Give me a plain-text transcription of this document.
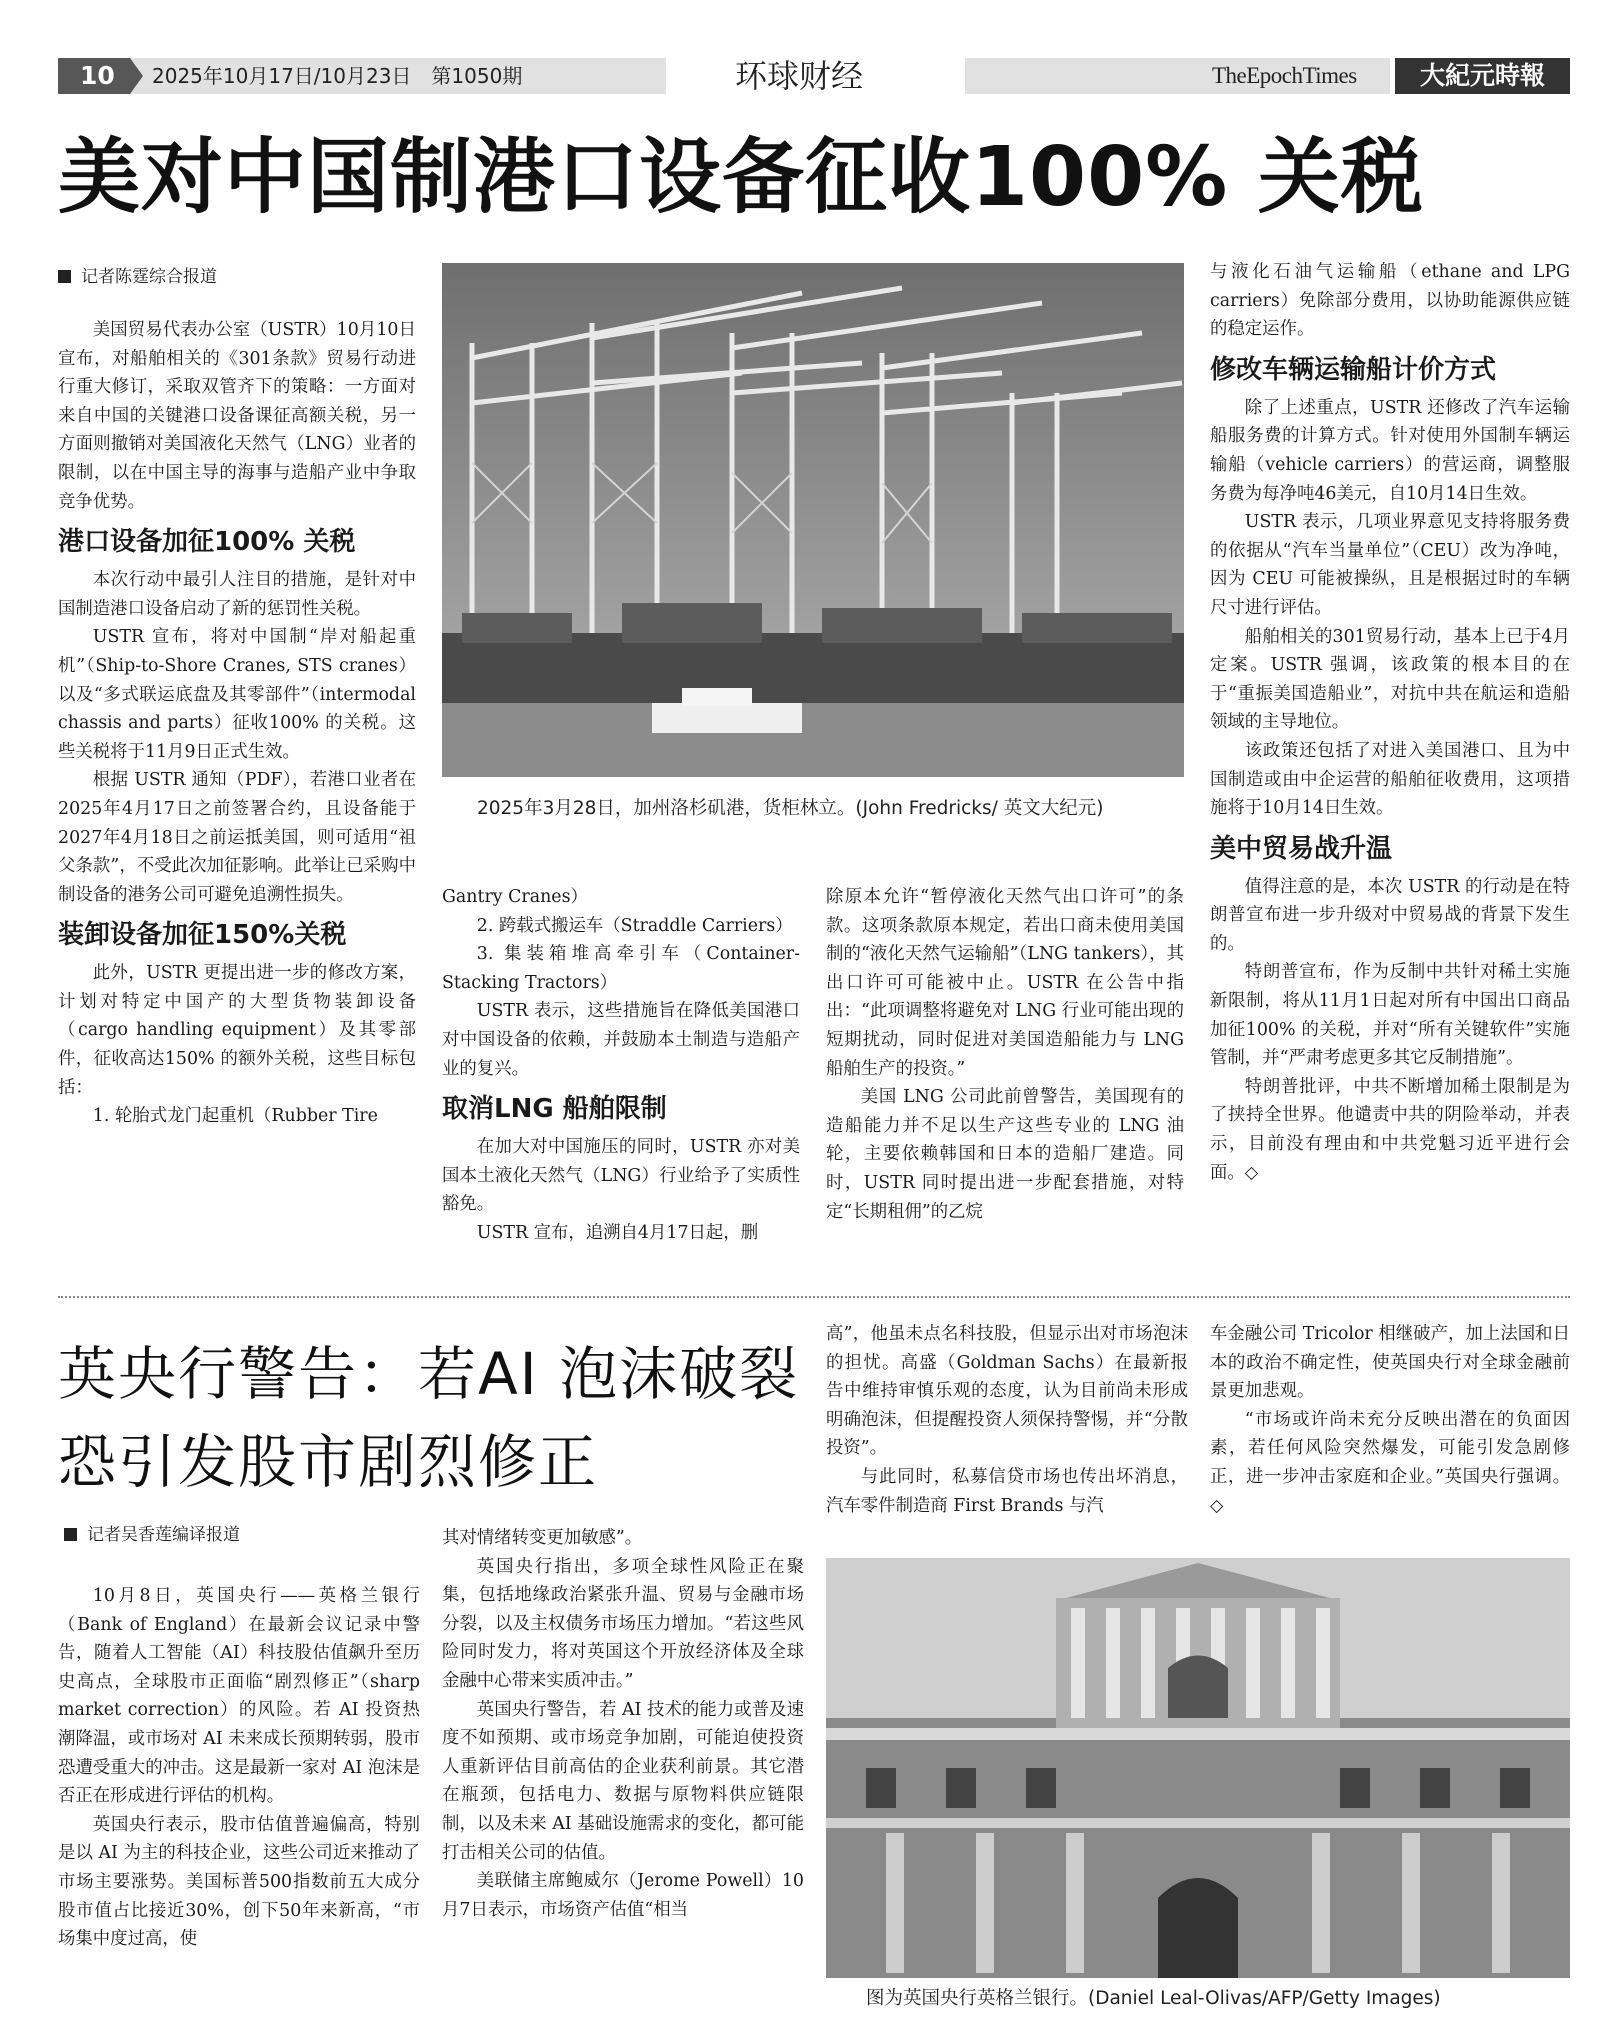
10	2025年10月17日/10月23日　第1050期	环球财经	TheEpochTimes	大紀元時報
美对中国制港口设备征收100% 关税
记者陈霆综合报道

美国贸易代表办公室（USTR）10月10日宣布，对船舶相关的《301条款》贸易行动进行重大修订，采取双管齐下的策略：一方面对来自中国的关键港口设备课征高额关税，另一方面则撤销对美国液化天然气（LNG）业者的限制，以在中国主导的海事与造船产业中争取竞争优势。

港口设备加征100% 关税

本次行动中最引人注目的措施，是针对中国制造港口设备启动了新的惩罚性关税。

USTR 宣布，将对中国制“岸对船起重机”（Ship-to-Shore Cranes, STS cranes）以及“多式联运底盘及其零部件”（intermodal chassis and parts）征收100% 的关税。这些关税将于11月9日正式生效。

根据 USTR 通知（PDF），若港口业者在2025年4月17日之前签署合约，且设备能于2027年4月18日之前运抵美国，则可适用“祖父条款”，不受此次加征影响。此举让已采购中制设备的港务公司可避免追溯性损失。

装卸设备加征150%关税

此外，USTR 更提出进一步的修改方案，计划对特定中国产的大型货物装卸设备（cargo handling equipment）及其零部件，征收高达150% 的额外关税，这些目标包括：

1. 轮胎式龙门起重机（Rubber Tire

2025年3月28日，加州洛杉矶港，货柜林立。(John Fredricks/ 英文大纪元)

Gantry Cranes）

2. 跨载式搬运车（Straddle Carriers）

3. 集装箱堆高牵引车（Container-Stacking Tractors）

USTR 表示，这些措施旨在降低美国港口对中国设备的依赖，并鼓励本土制造与造船产业的复兴。

取消LNG 船舶限制

在加大对中国施压的同时，USTR 亦对美国本土液化天然气（LNG）行业给予了实质性豁免。

USTR 宣布，追溯自4月17日起，删

除原本允许“暂停液化天然气出口许可”的条款。这项条款原本规定，若出口商未使用美国制的“液化天然气运输船”（LNG tankers），其出口许可可能被中止。USTR 在公告中指出：“此项调整将避免对 LNG 行业可能出现的短期扰动，同时促进对美国造船能力与 LNG 船舶生产的投资。”

美国 LNG 公司此前曾警告，美国现有的造船能力并不足以生产这些专业的 LNG 油轮，主要依赖韩国和日本的造船厂建造。同时，USTR 同时提出进一步配套措施，对特定“长期租佣”的乙烷

与液化石油气运输船（ethane and LPG carriers）免除部分费用，以协助能源供应链的稳定运作。

修改车辆运输船计价方式

除了上述重点，USTR 还修改了汽车运输船服务费的计算方式。针对使用外国制车辆运输船（vehicle carriers）的营运商，调整服务费为每净吨46美元，自10月14日生效。

USTR 表示，几项业界意见支持将服务费的依据从“汽车当量单位”（CEU）改为净吨，因为 CEU 可能被操纵，且是根据过时的车辆尺寸进行评估。

船舶相关的301贸易行动，基本上已于4月定案。USTR 强调，该政策的根本目的在于“重振美国造船业”，对抗中共在航运和造船领域的主导地位。

该政策还包括了对进入美国港口、且为中国制造或由中企运营的船舶征收费用，这项措施将于10月14日生效。

美中贸易战升温

值得注意的是，本次 USTR 的行动是在特朗普宣布进一步升级对中贸易战的背景下发生的。

特朗普宣布，作为反制中共针对稀土实施新限制，将从11月1日起对所有中国出口商品加征100% 的关税，并对“所有关键软件”实施管制，并“严肃考虑更多其它反制措施”。

特朗普批评，中共不断增加稀土限制是为了挟持全世界。他谴责中共的阴险举动，并表示，目前没有理由和中共党魁习近平进行会面。◇

英央行警告：若AI 泡沫破裂恐引发股市剧烈修正
记者吴香莲编译报道

10月8日，英国央行——英格兰银行（Bank of England）在最新会议记录中警告，随着人工智能（AI）科技股估值飙升至历史高点，全球股市正面临“剧烈修正”（sharp market correction）的风险。若 AI 投资热潮降温，或市场对 AI 未来成长预期转弱，股市恐遭受重大的冲击。这是最新一家对 AI 泡沫是否正在形成进行评估的机构。

英国央行表示，股市估值普遍偏高，特别是以 AI 为主的科技企业，这些公司近来推动了市场主要涨势。美国标普500指数前五大成分股市值占比接近30%，创下50年来新高，“市场集中度过高，使

其对情绪转变更加敏感”。

英国央行指出，多项全球性风险正在聚集，包括地缘政治紧张升温、贸易与金融市场分裂，以及主权债务市场压力增加。“若这些风险同时发力，将对英国这个开放经济体及全球金融中心带来实质冲击。”

英国央行警告，若 AI 技术的能力或普及速度不如预期、或市场竞争加剧，可能迫使投资人重新评估目前高估的企业获利前景。其它潜在瓶颈，包括电力、数据与原物料供应链限制，以及未来 AI 基础设施需求的变化，都可能打击相关公司的估值。

美联储主席鲍威尔（Jerome Powell）10月7日表示，市场资产估值“相当

高”，他虽未点名科技股，但显示出对市场泡沫的担忧。高盛（Goldman Sachs）在最新报告中维持审慎乐观的态度，认为目前尚未形成明确泡沫，但提醒投资人须保持警惕，并“分散投资”。

与此同时，私募信贷市场也传出坏消息，汽车零件制造商 First Brands 与汽

车金融公司 Tricolor 相继破产，加上法国和日本的政治不确定性，使英国央行对全球金融前景更加悲观。

“市场或许尚未充分反映出潜在的负面因素，若任何风险突然爆发，可能引发急剧修正，进一步冲击家庭和企业。”英国央行强调。◇

图为英国央行英格兰银行。(Daniel Leal-Olivas/AFP/Getty Images)
